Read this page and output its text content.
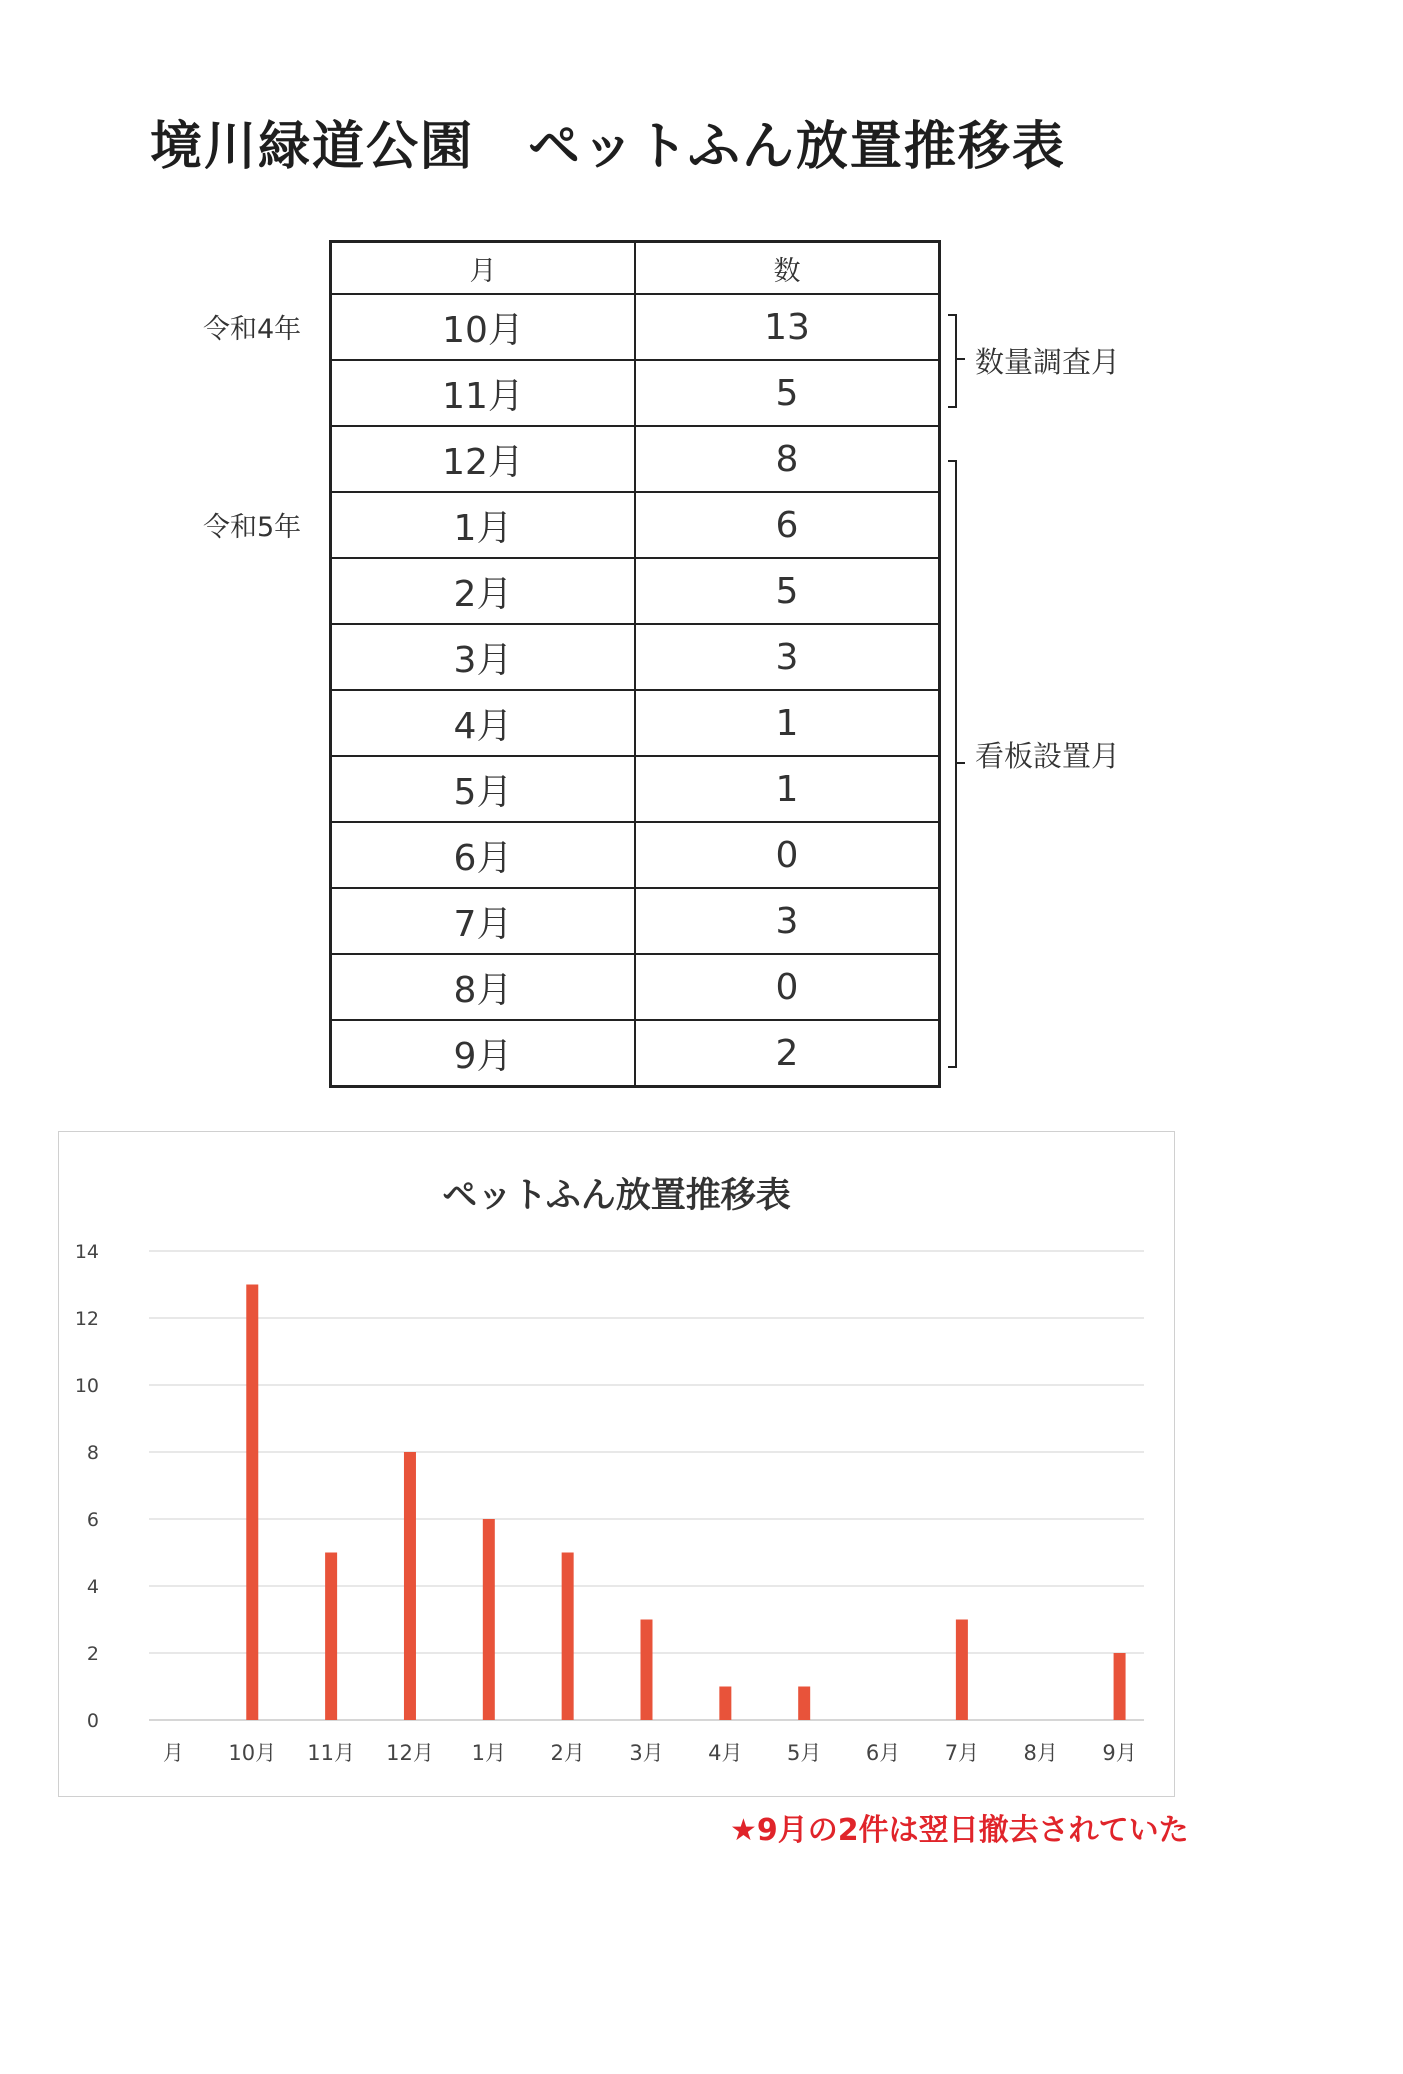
境川緑道公園　ペットふん放置推移表
令和4年
令和5年
月	数
10月	13
11月	5
12月	8
1月	6
2月	5
3月	3
4月	1
5月	1
6月	0
7月	3
8月	0
9月	2
数量調査月
看板設置月
ペットふん放置推移表
0
2
4
6
8
10
12
14
月 10月 11月 12月 1月 2月 3月 4月 5月 6月 7月 8月 9月
★9月の2件は翌日撤去されていた
